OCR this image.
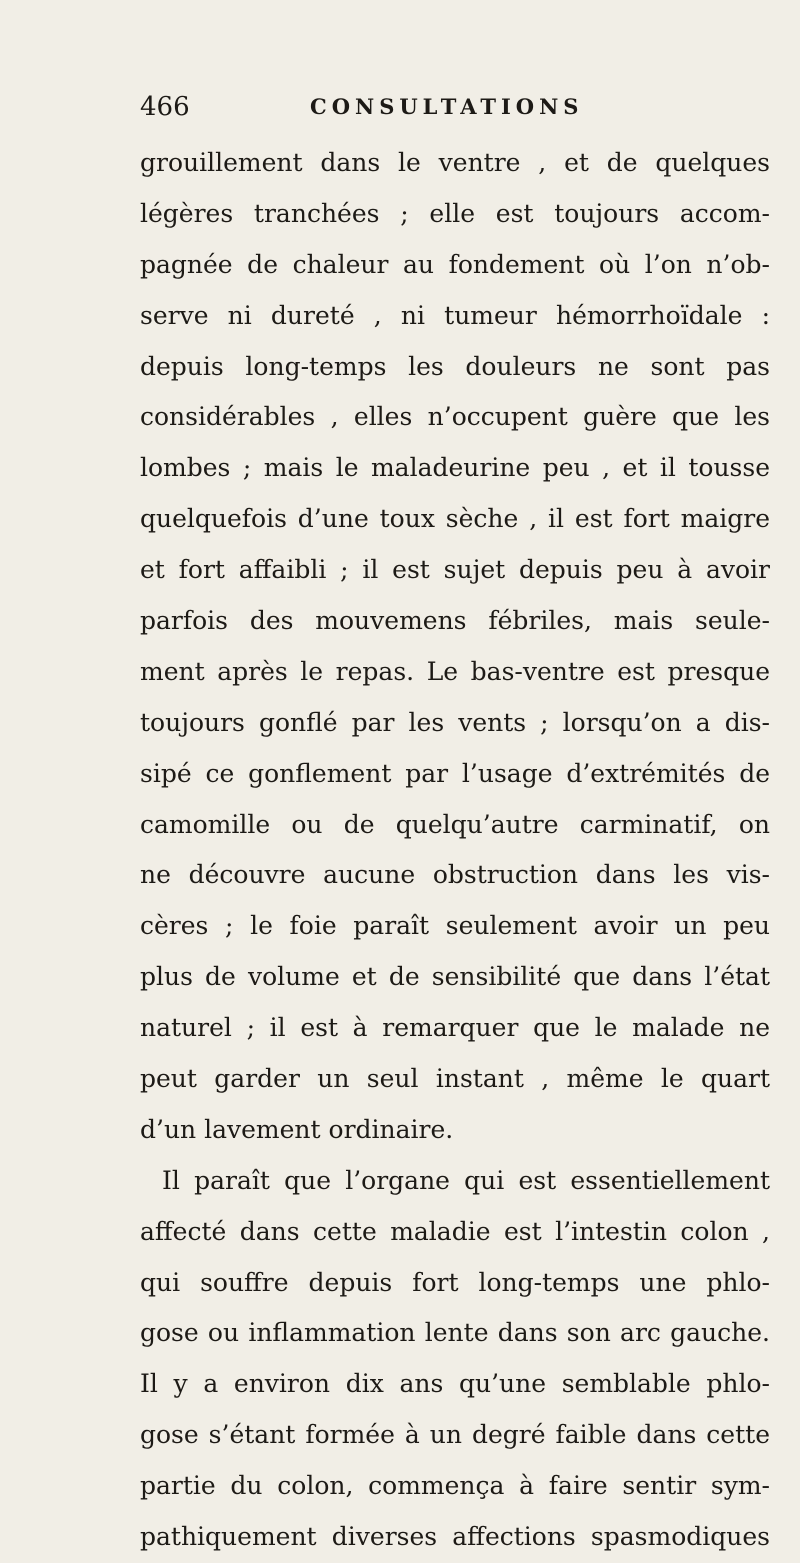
466	CONSULTATIONS
grouillement dans le ventre , et de quelques
légères tranchées ; elle est toujours accom-
pagnée de chaleur au fondement où l’on n’ob-
serve ni dureté , ni tumeur hémorrhoïdale :
depuis long-temps les douleurs ne sont pas
considérables , elles n’occupent guère que les
lombes ; mais le maladeurine peu , et il tousse
quelquefois d’une toux sèche , il est fort maigre
et fort affaibli ; il est sujet depuis peu à avoir
parfois des mouvemens fébriles, mais seule-
ment après le repas. Le bas-ventre est presque
toujours gonflé par les vents ; lorsqu’on a dis-
sipé ce gonflement par l’usage d’extrémités de
camomille ou de quelqu’autre carminatif, on
ne découvre aucune obstruction dans les vis-
cères ; le foie paraît seulement avoir un peu
plus de volume et de sensibilité que dans l’état
naturel ; il est à remarquer que le malade ne
peut garder un seul instant , même le quart
d’un lavement ordinaire.
Il paraît que l’organe qui est essentiellement
affecté dans cette maladie est l’intestin colon ,
qui souffre depuis fort long-temps une phlo-
gose ou inflammation lente dans son arc gauche.
Il y a environ dix ans qu’une semblable phlo-
gose s’étant formée à un degré faible dans cette
partie du colon, commença à faire sentir sym-
pathiquement diverses affections spasmodiques
